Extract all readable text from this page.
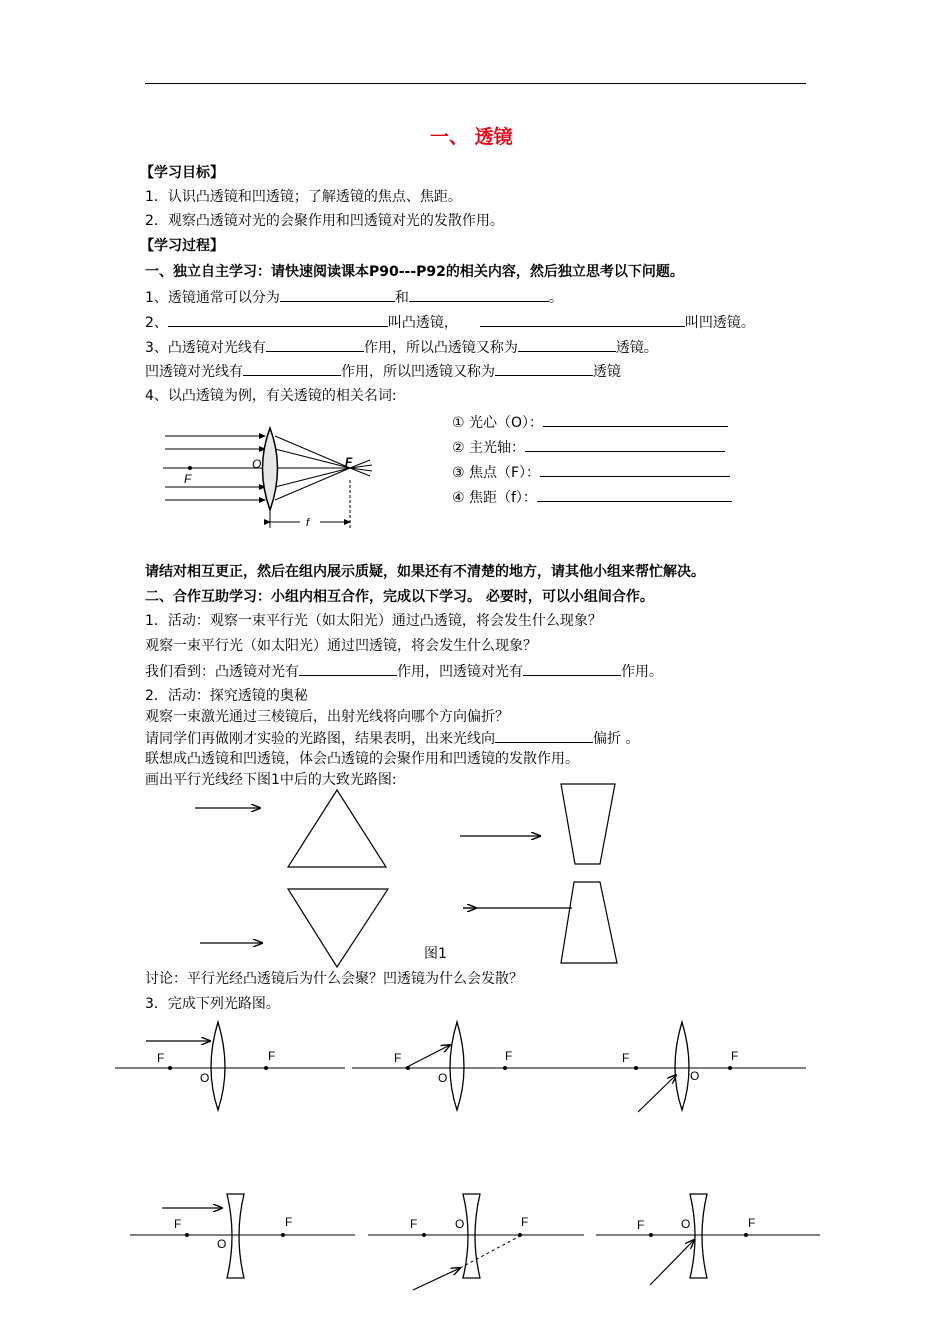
一、 透镜
【学习目标】
1．认识凸透镜和凹透镜；了解透镜的焦点、焦距。
2．观察凸透镜对光的会聚作用和凹透镜对光的发散作用。
【学习过程】
一、独立自主学习：请快速阅读课本P90---P92的相关内容，然后独立思考以下问题。
1、透镜通常可以分为	和	。
2、	叫凸透镜，	叫凹透镜。
3、凸透镜对光线有	作用，所以凸透镜又称为	透镜。
凹透镜对光线有	作用，所以凹透镜又称为	透镜
4、以凸透镜为例，有关透镜的相关名词:
① 光心（O）：
② 主光轴：
③ 焦点（F）：
④ 焦距（f）：
请结对相互更正，然后在组内展示质疑，如果还有不清楚的地方，请其他小组来帮忙解决。
二、合作互助学习：小组内相互合作，完成以下学习。 必要时，可以小组间合作。
1．活动：观察一束平行光（如太阳光）通过凸透镜，将会发生什么现象？
观察一束平行光（如太阳光）通过凹透镜，将会发生什么现象？
我们看到：凸透镜对光有	作用，凹透镜对光有	作用。
2．活动：探究透镜的奥秘
观察一束激光通过三棱镜后，出射光线将向哪个方向偏折？
请同学们再做刚才实验的光路图，结果表明，出来光线向	偏折 。
联想成凸透镜和凹透镜，体会凸透镜的会聚作用和凹透镜的发散作用。
画出平行光线经下图1中后的大致光路图:
图1
讨论：平行光经凸透镜后为什么会聚？凹透镜为什么会发散？
3．完成下列光路图。
O
F
F
f
F	F
O
F	F
O
F	F
O
F	F
O
F	F
O	F	F
O
